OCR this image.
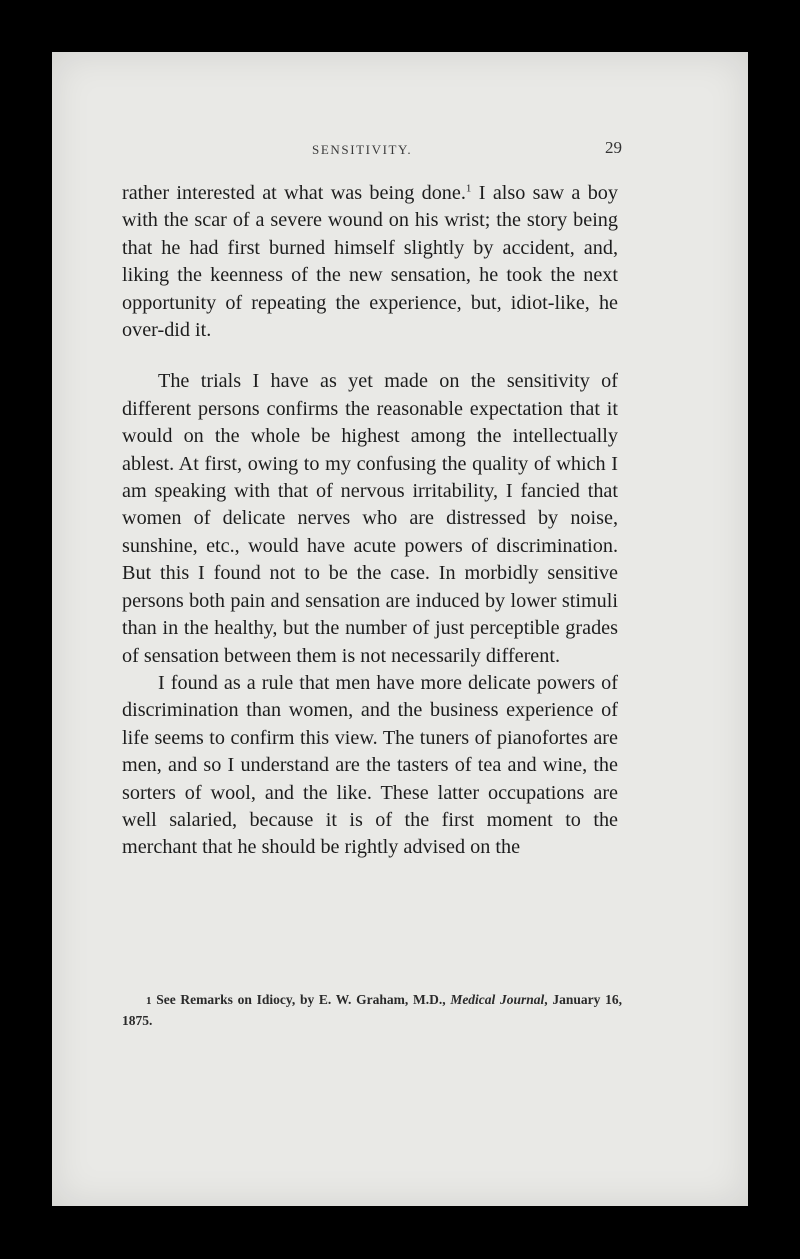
SENSITIVITY.	29

rather interested at what was being done.$^1$ I also saw a boy with the scar of a severe wound on his wrist; the story being that he had first burned himself slightly by accident, and, liking the keenness of the new sensation, he took the next opportunity of repeating the experience, but, idiot-like, he over-did it.

The trials I have as yet made on the sensitivity of different persons confirms the reasonable expectation that it would on the whole be highest among the intellectually ablest. At first, owing to my confusing the quality of which I am speaking with that of nervous irritability, I fancied that women of delicate nerves who are distressed by noise, sunshine, etc., would have acute powers of discrimination. But this I found not to be the case. In morbidly sensitive persons both pain and sensation are induced by lower stimuli than in the healthy, but the number of just perceptible grades of sensation between them is not necessarily different.

I found as a rule that men have more delicate powers of discrimination than women, and the business experience of life seems to confirm this view. The tuners of pianofortes are men, and so I understand are the tasters of tea and wine, the sorters of wool, and the like. These latter occupations are well salaried, because it is of the first moment to the merchant that he should be rightly advised on the

1 See Remarks on Idiocy, by E. W. Graham, M.D., Medical Journal, January 16, 1875.
